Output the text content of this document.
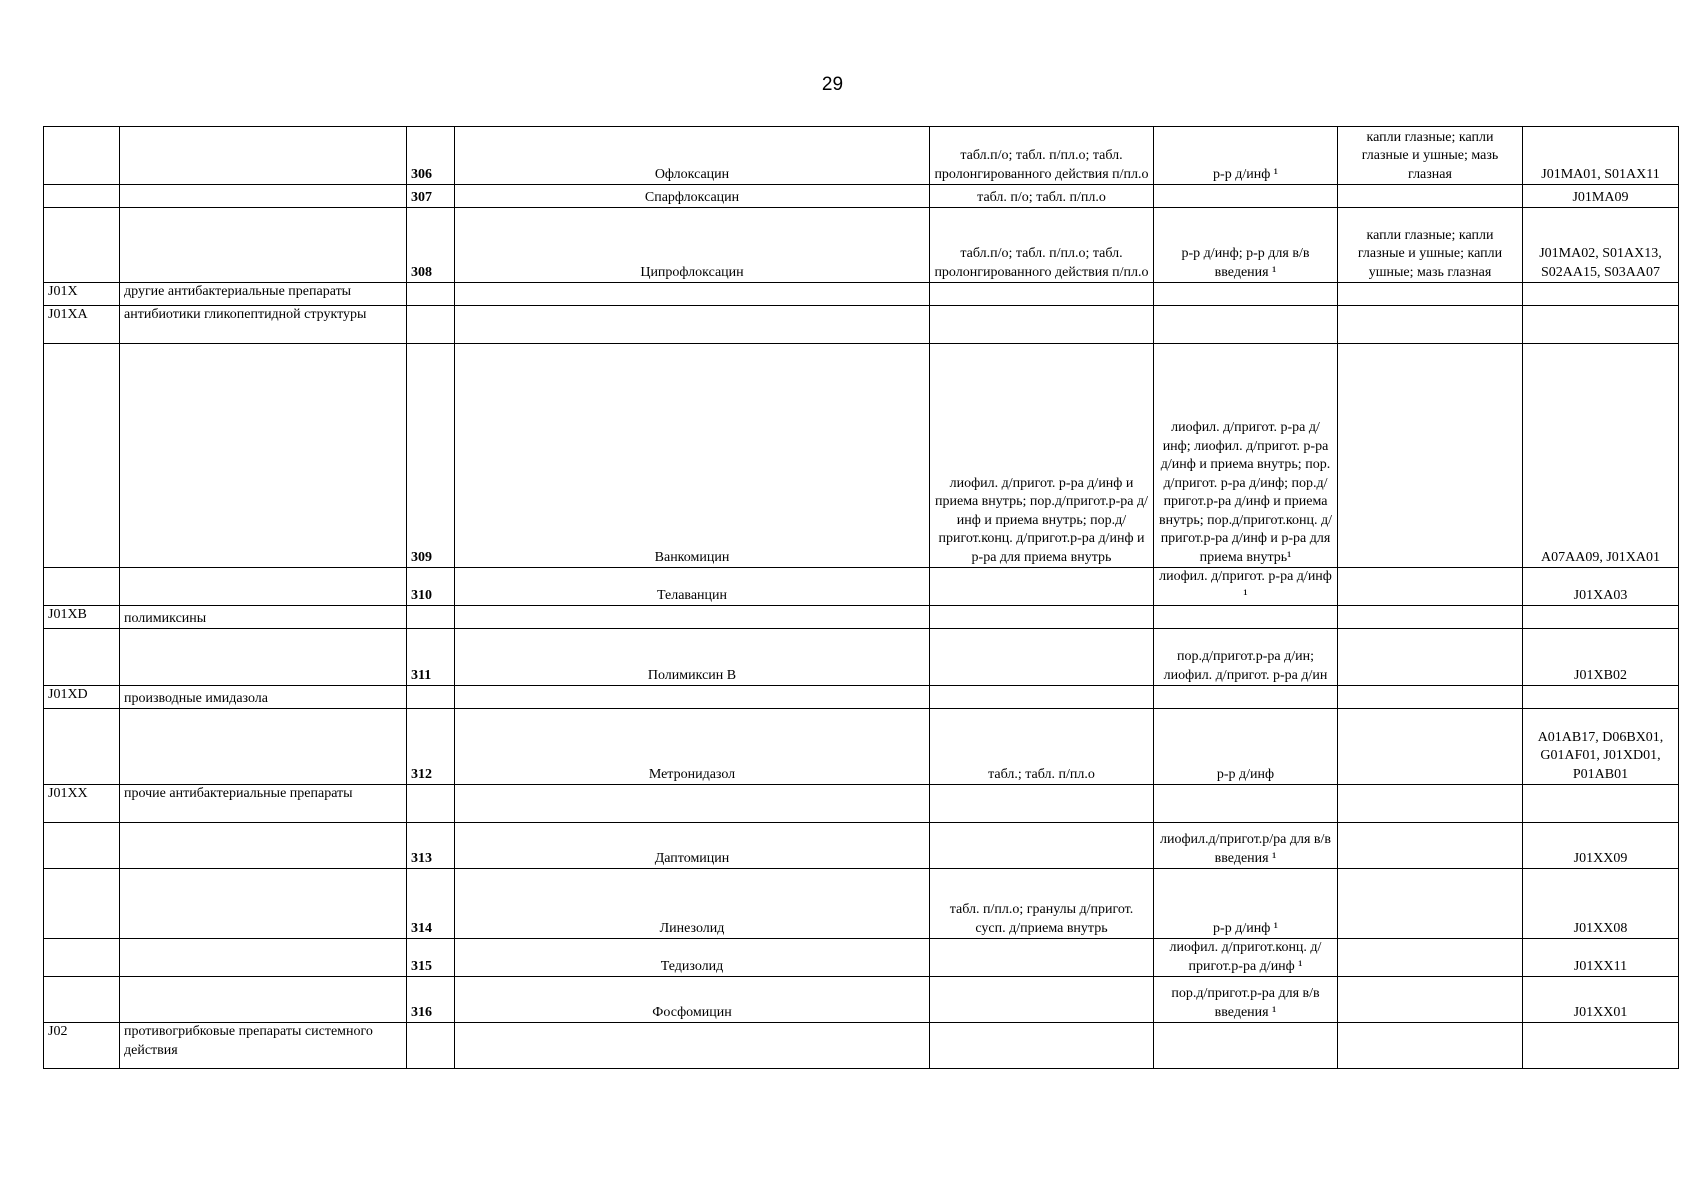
29
		306	Офлоксацин	табл.п/о; табл. п/пл.о; табл. пролонгированного действия п/пл.о	р-р д/инф ¹	капли глазные; капли глазные и ушные; мазь глазная	J01MA01, S01AX11
		307	Спарфлоксацин	табл. п/о; табл. п/пл.о			J01MA09
		308	Ципрофлоксацин	табл.п/о; табл. п/пл.о; табл. пролонгированного действия п/пл.о	р-р д/инф; р-р для в/в введения ¹	капли глазные; капли глазные и ушные; капли ушные; мазь глазная	J01MA02, S01AX13, S02AA15, S03AA07
J01X	другие антибактериальные препараты						
J01XA	антибиотики гликопептидной структуры						
		309	Ванкомицин	лиофил. д/пригот. р-ра д/инф и приема внутрь; пор.д/пригот.р-ра д/инф и приема внутрь; пор.д/пригот.конц. д/пригот.р-ра д/инф и р-ра для приема внутрь	лиофил. д/пригот. р-ра д/инф; лиофил. д/пригот. р-ра д/инф и приема внутрь; пор. д/пригот. р-ра д/инф; пор.д/пригот.р-ра д/инф и приема внутрь; пор.д/пригот.конц. д/пригот.р-ра д/инф и р-ра для приема внутрь¹		A07AA09, J01XA01
		310	Телаванцин		лиофил. д/пригот. р-ра д/инф ¹		J01XA03
J01XB	полимиксины						
		311	Полимиксин В		пор.д/пригот.р-ра д/ин; лиофил. д/пригот. р-ра д/ин		J01XB02
J01XD	производные имидазола						
		312	Метронидазол	табл.; табл. п/пл.о	р-р д/инф		A01AB17, D06BX01, G01AF01, J01XD01, P01AB01
J01XX	прочие антибактериальные препараты						
		313	Даптомицин		лиофил.д/пригот.р/ра для в/в введения ¹		J01XX09
		314	Линезолид	табл. п/пл.о; гранулы д/пригот. сусп. д/приема внутрь	р-р д/инф ¹		J01XX08
		315	Тедизолид		лиофил. д/пригот.конц. д/пригот.р-ра д/инф ¹		J01XX11
		316	Фосфомицин		пор.д/пригот.р-ра для в/в введения ¹		J01XX01
J02	противогрибковые препараты системного действия						
